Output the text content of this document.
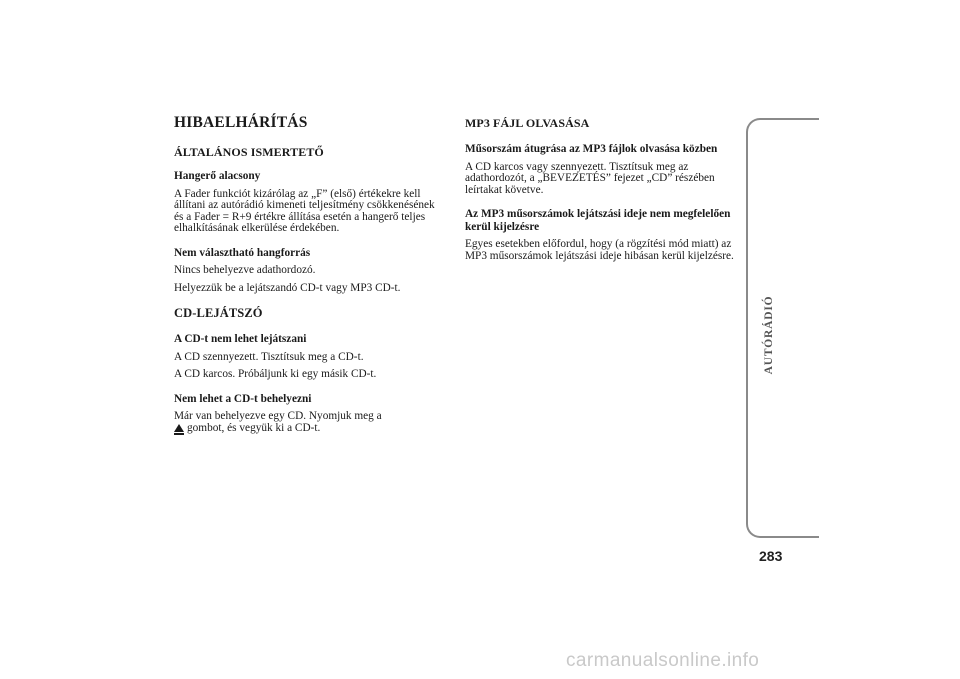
HIBAELHÁRÍTÁS
ÁLTALÁNOS ISMERTETŐ
Hangerő alacsony
A Fader funkciót kizárólag az „F” (első) értékekre kell állítani az autórádió kimeneti teljesítmény csökkenésének és a Fader = R+9 értékre állítása esetén a hangerő teljes elhalkításának elkerülése érdekében.
Nem választható hangforrás
Nincs behelyezve adathordozó.
Helyezzük be a lejátszandó CD-t vagy MP3 CD-t.
CD-LEJÁTSZÓ
A CD-t nem lehet lejátszani
A CD szennyezett. Tisztítsuk meg a CD-t.
A CD karcos. Próbáljunk ki egy másik CD-t.
Nem lehet a CD-t behelyezni
Már van behelyezve egy CD. Nyomjuk meg a
gombot, és vegyük ki a CD-t.
MP3 FÁJL OLVASÁSA
Műsorszám átugrása az MP3 fájlok olvasása közben
A CD karcos vagy szennyezett. Tisztítsuk meg az adathordozót, a „BEVEZETÉS” fejezet „CD” részében leírtakat követve.
Az MP3 műsorszámok lejátszási ideje nem megfelelően kerül kijelzésre
Egyes esetekben előfordul, hogy (a rögzítési mód miatt) az MP3 műsorszámok lejátszási ideje hibásan kerül kijelzésre.
AUTÓRÁDIÓ
283
carmanualsonline.info
